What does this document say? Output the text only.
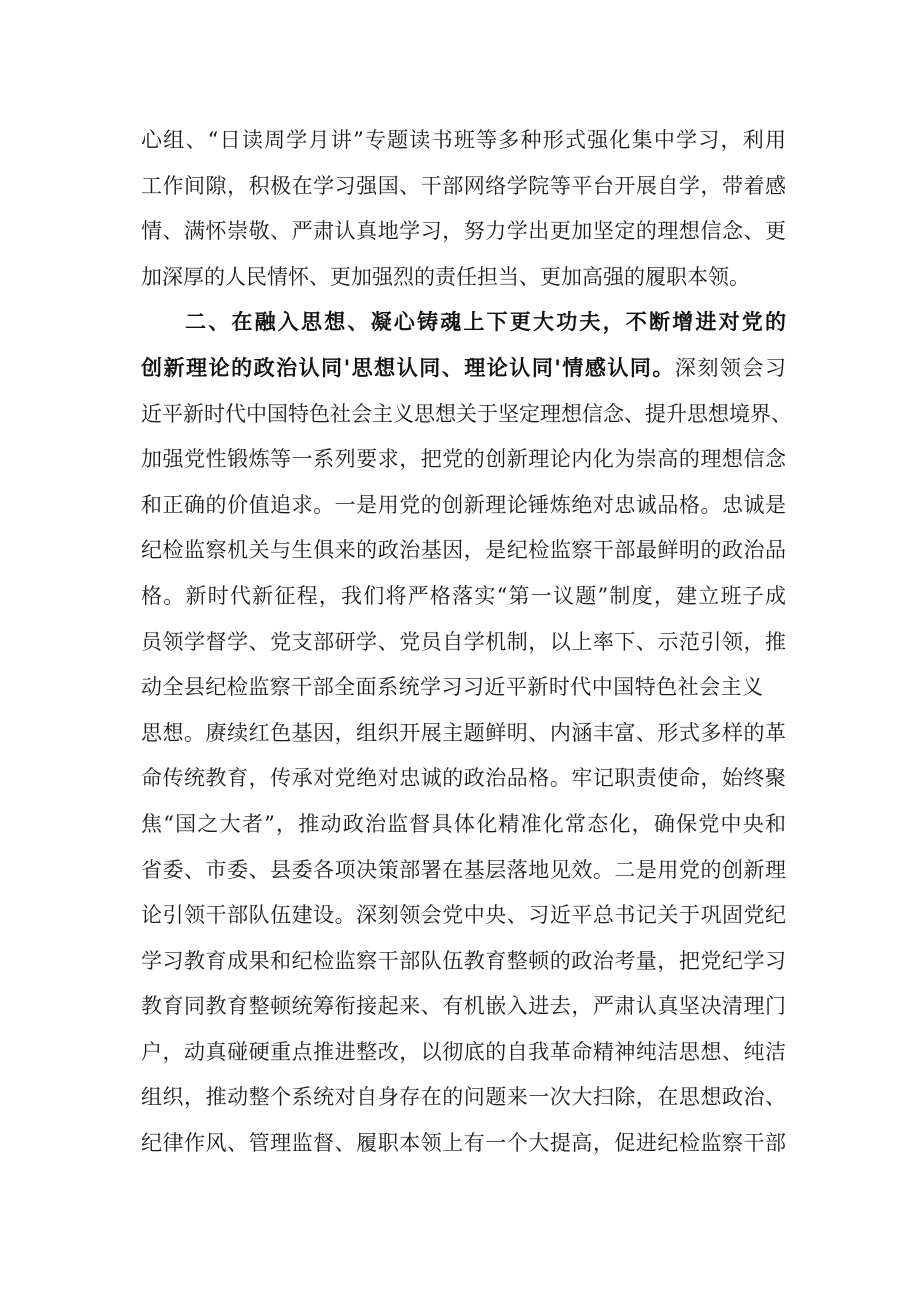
心组、“日读周学月讲”专题读书班等多种形式强化集中学习，利用
工作间隙，积极在学习强国、干部网络学院等平台开展自学，带着感
情、满怀崇敬、严肃认真地学习，努力学出更加坚定的理想信念、更
加深厚的人民情怀、更加强烈的责任担当、更加高强的履职本领。
二、在融入思想、凝心铸魂上下更大功夫，不断增进对党的
创新理论的政治认同'思想认同、理论认同'情感认同。深刻领会习
近平新时代中国特色社会主义思想关于坚定理想信念、提升思想境界、
加强党性锻炼等一系列要求，把党的创新理论内化为崇高的理想信念
和正确的价值追求。一是用党的创新理论锤炼绝对忠诚品格。忠诚是
纪检监察机关与生俱来的政治基因，是纪检监察干部最鲜明的政治品
格。新时代新征程，我们将严格落实“第一议题”制度，建立班子成
员领学督学、党支部研学、党员自学机制，以上率下、示范引领，推
动全县纪检监察干部全面系统学习习近平新时代中国特色社会主义
思想。赓续红色基因，组织开展主题鲜明、内涵丰富、形式多样的革
命传统教育，传承对党绝对忠诚的政治品格。牢记职责使命，始终聚
焦“国之大者”，推动政治监督具体化精准化常态化，确保党中央和
省委、市委、县委各项决策部署在基层落地见效。二是用党的创新理
论引领干部队伍建设。深刻领会党中央、习近平总书记关于巩固党纪
学习教育成果和纪检监察干部队伍教育整顿的政治考量，把党纪学习
教育同教育整顿统筹衔接起来、有机嵌入进去，严肃认真坚决清理门
户，动真碰硬重点推进整改，以彻底的自我革命精神纯洁思想、纯洁
组织，推动整个系统对自身存在的问题来一次大扫除，在思想政治、
纪律作风、管理监督、履职本领上有一个大提高，促进纪检监察干部
